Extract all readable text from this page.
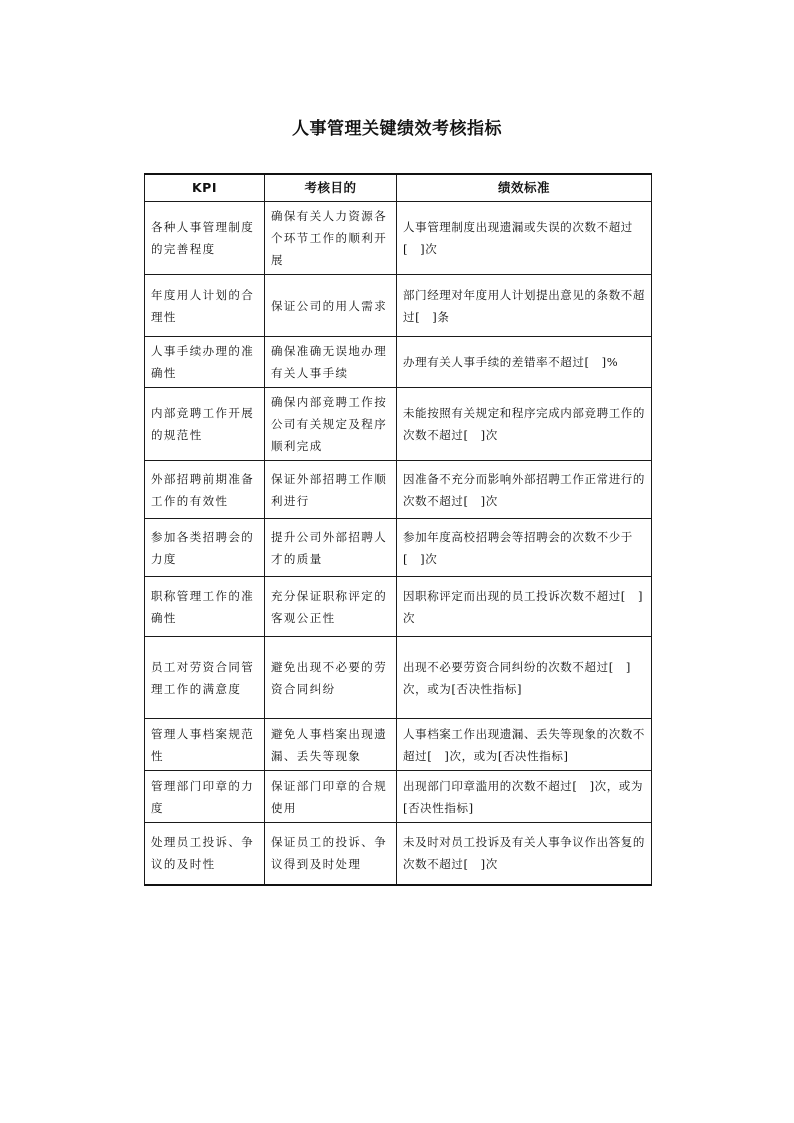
人事管理关键绩效考核指标
KPI	考核目的	绩效标准
各种人事管理制度的完善程度	确保有关人力资源各个环节工作的顺利开展	人事管理制度出现遗漏或失误的次数不超过[　]次
年度用人计划的合理性	保证公司的用人需求	部门经理对年度用人计划提出意见的条数不超过[　]条
人事手续办理的准确性	确保准确无误地办理有关人事手续	办理有关人事手续的差错率不超过[　]%
内部竞聘工作开展的规范性	确保内部竞聘工作按公司有关规定及程序顺利完成	未能按照有关规定和程序完成内部竞聘工作的次数不超过[　]次
外部招聘前期准备工作的有效性	保证外部招聘工作顺利进行	因准备不充分而影响外部招聘工作正常进行的次数不超过[　]次
参加各类招聘会的力度	提升公司外部招聘人才的质量	参加年度高校招聘会等招聘会的次数不少于[　]次
职称管理工作的准确性	充分保证职称评定的客观公正性	因职称评定而出现的员工投诉次数不超过[　]次
员工对劳资合同管理工作的满意度	避免出现不必要的劳资合同纠纷	出现不必要劳资合同纠纷的次数不超过[　]次，或为[否决性指标]
管理人事档案规范性	避免人事档案出现遗漏、丢失等现象	人事档案工作出现遗漏、丢失等现象的次数不超过[　]次，或为[否决性指标]
管理部门印章的力度	保证部门印章的合规使用	出现部门印章滥用的次数不超过[　]次，或为[否决性指标]
处理员工投诉、争议的及时性	保证员工的投诉、争议得到及时处理	未及时对员工投诉及有关人事争议作出答复的次数不超过[　]次
